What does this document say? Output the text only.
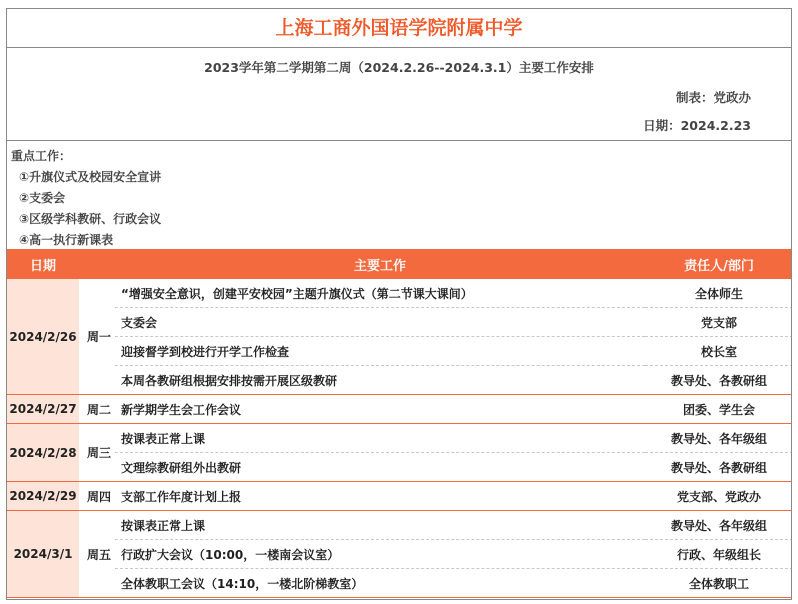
上海工商外国语学院附属中学
2023学年第二学期第二周（2024.2.26--2024.3.1）主要工作安排
制表：党政办
日期：2024.2.23
重点工作：
①升旗仪式及校园安全宣讲
②支委会
③区级学科教研、行政会议
④高一执行新课表
日期		主要工作	责任人/部门
2024/2/26	周一	“增强安全意识，创建平安校园”主题升旗仪式（第二节课大课间）	全体师生
		支委会	党支部
		迎接督学到校进行开学工作检查	校长室
		本周各教研组根据安排按需开展区级教研	教导处、各教研组
2024/2/27	周二	新学期学生会工作会议	团委、学生会
2024/2/28	周三	按课表正常上课	教导处、各年级组
		文理综教研组外出教研	教导处、各教研组
2024/2/29	周四	支部工作年度计划上报	党支部、党政办
2024/3/1	周五	按课表正常上课	教导处、各年级组
		行政扩大会议（10:00，一楼南会议室）	行政、年级组长
		全体教职工会议（14:10，一楼北阶梯教室）	全体教职工
